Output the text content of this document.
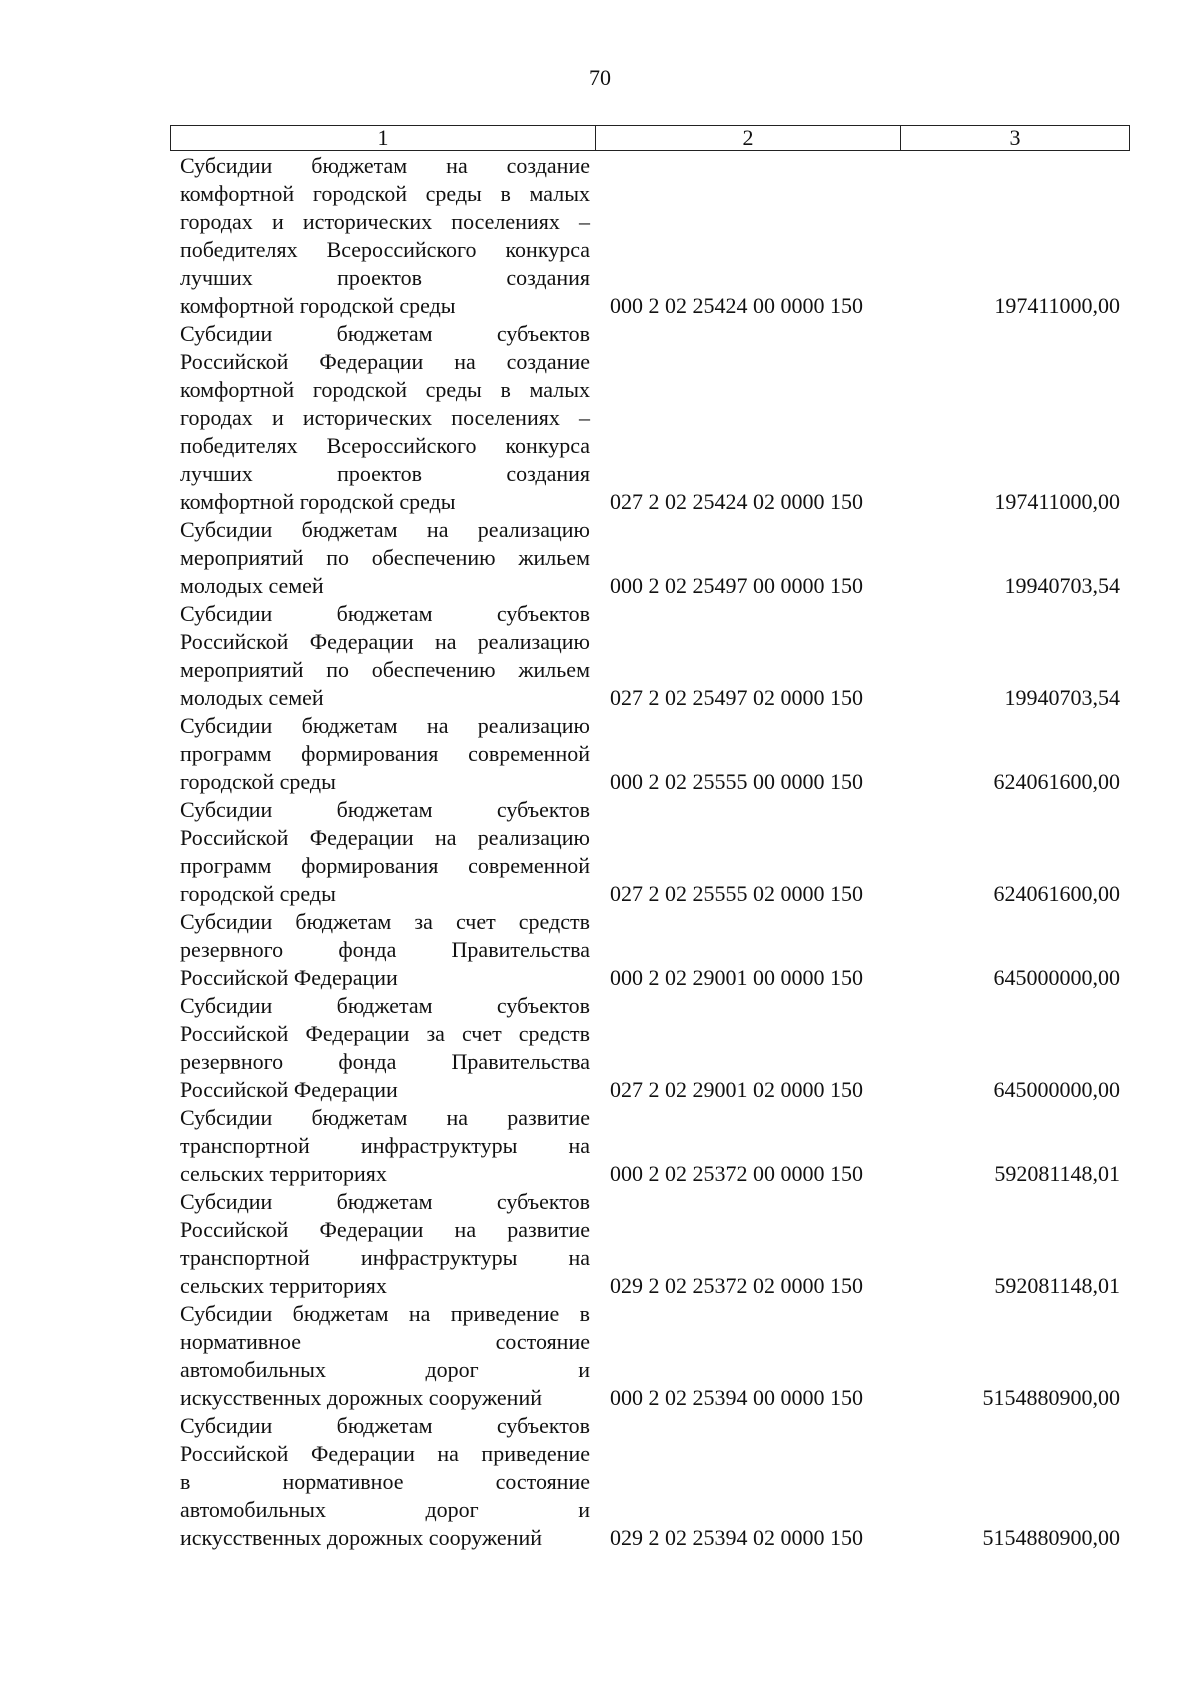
70
1	2	3
Субсидии бюджетам на создание
комфортной городской среды в малых
городах и исторических поселениях –
победителях Всероссийского конкурса
лучших проектов создания
комфортной городской среды	000 2 02 25424 00 0000 150	197411000,00
Субсидии бюджетам субъектов
Российской Федерации на создание
комфортной городской среды в малых
городах и исторических поселениях –
победителях Всероссийского конкурса
лучших проектов создания
комфортной городской среды	027 2 02 25424 02 0000 150	197411000,00
Субсидии бюджетам на реализацию
мероприятий по обеспечению жильем
молодых семей	000 2 02 25497 00 0000 150	19940703,54
Субсидии бюджетам субъектов
Российской Федерации на реализацию
мероприятий по обеспечению жильем
молодых семей	027 2 02 25497 02 0000 150	19940703,54
Субсидии бюджетам на реализацию
программ формирования современной
городской среды	000 2 02 25555 00 0000 150	624061600,00
Субсидии бюджетам субъектов
Российской Федерации на реализацию
программ формирования современной
городской среды	027 2 02 25555 02 0000 150	624061600,00
Субсидии бюджетам за счет средств
резервного фонда Правительства
Российской Федерации	000 2 02 29001 00 0000 150	645000000,00
Субсидии бюджетам субъектов
Российской Федерации за счет средств
резервного фонда Правительства
Российской Федерации	027 2 02 29001 02 0000 150	645000000,00
Субсидии бюджетам на развитие
транспортной инфраструктуры на
сельских территориях	000 2 02 25372 00 0000 150	592081148,01
Субсидии бюджетам субъектов
Российской Федерации на развитие
транспортной инфраструктуры на
сельских территориях	029 2 02 25372 02 0000 150	592081148,01
Субсидии бюджетам на приведение в
нормативное состояние
автомобильных дорог и
искусственных дорожных сооружений	000 2 02 25394 00 0000 150	5154880900,00
Субсидии бюджетам субъектов
Российской Федерации на приведение
в нормативное состояние
автомобильных дорог и
искусственных дорожных сооружений	029 2 02 25394 02 0000 150	5154880900,00
